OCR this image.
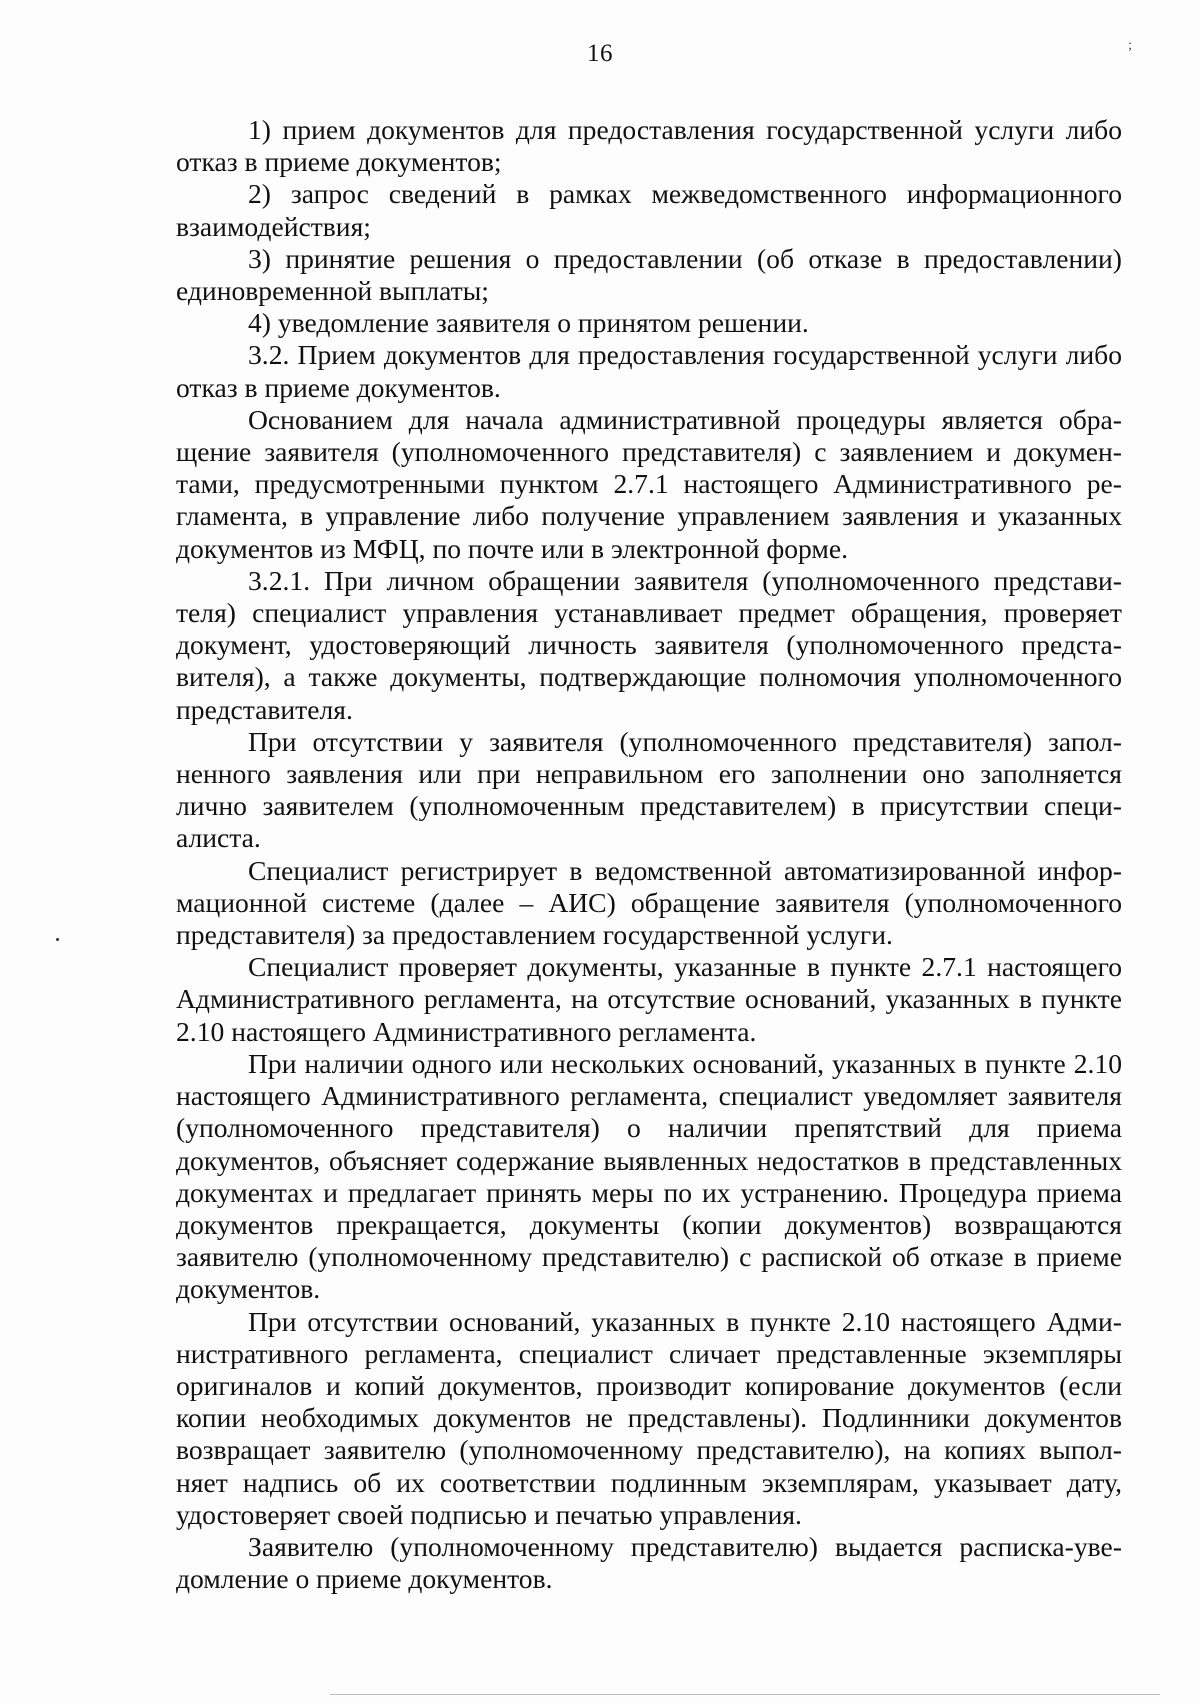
16	;

1) прием документов для предоставления государственной услуги либо отказ в приеме документов;

2) запрос сведений в рамках межведомственного информационного взаимодействия;

3) принятие решения о предоставлении (об отказе в предоставлении) единовременной выплаты;

4) уведомление заявителя о принятом решении.

3.2. Прием документов для предоставления государственной услуги либо отказ в приеме документов.

Основанием для начала административной процедуры является обращение заявителя (уполномоченного представителя) с заявлением и документами, предусмотренными пунктом 2.7.1 настоящего Административного регламента, в управление либо получение управлением заявления и указанных документов из МФЦ, по почте или в электронной форме.

3.2.1. При личном обращении заявителя (уполномоченного представителя) специалист управления устанавливает предмет обращения, проверяет документ, удостоверяющий личность заявителя (уполномоченного представителя), а также документы, подтверждающие полномочия уполномоченного представителя.

При отсутствии у заявителя (уполномоченного представителя) заполненного заявления или при неправильном его заполнении оно заполняется лично заявителем (уполномоченным представителем) в присутствии специалиста.

Специалист регистрирует в ведомственной автоматизированной информационной системе (далее – АИС) обращение заявителя (уполномоченного представителя) за предоставлением государственной услуги.

Специалист проверяет документы, указанные в пункте 2.7.1 настоящего Административного регламента, на отсутствие оснований, указанных в пункте 2.10 настоящего Административного регламента.

При наличии одного или нескольких оснований, указанных в пункте 2.10 настоящего Административного регламента, специалист уведомляет заявителя (уполномоченного представителя) о наличии препятствий для приема документов, объясняет содержание выявленных недостатков в представленных документах и предлагает принять меры по их устранению. Процедура приема документов прекращается, документы (копии документов) возвращаются заявителю (уполномоченному представителю) с распиской об отказе в приеме документов.

При отсутствии оснований, указанных в пункте 2.10 настоящего Административного регламента, специалист сличает представленные экземпляры оригиналов и копий документов, производит копирование документов (если копии необходимых документов не представлены). Подлинники документов возвращает заявителю (уполномоченному представителю), на копиях выполняет надпись об их соответствии подлинным экземплярам, указывает дату, удостоверяет своей подписью и печатью управления.

Заявителю (уполномоченному представителю) выдается расписка-уведомление о приеме документов.
